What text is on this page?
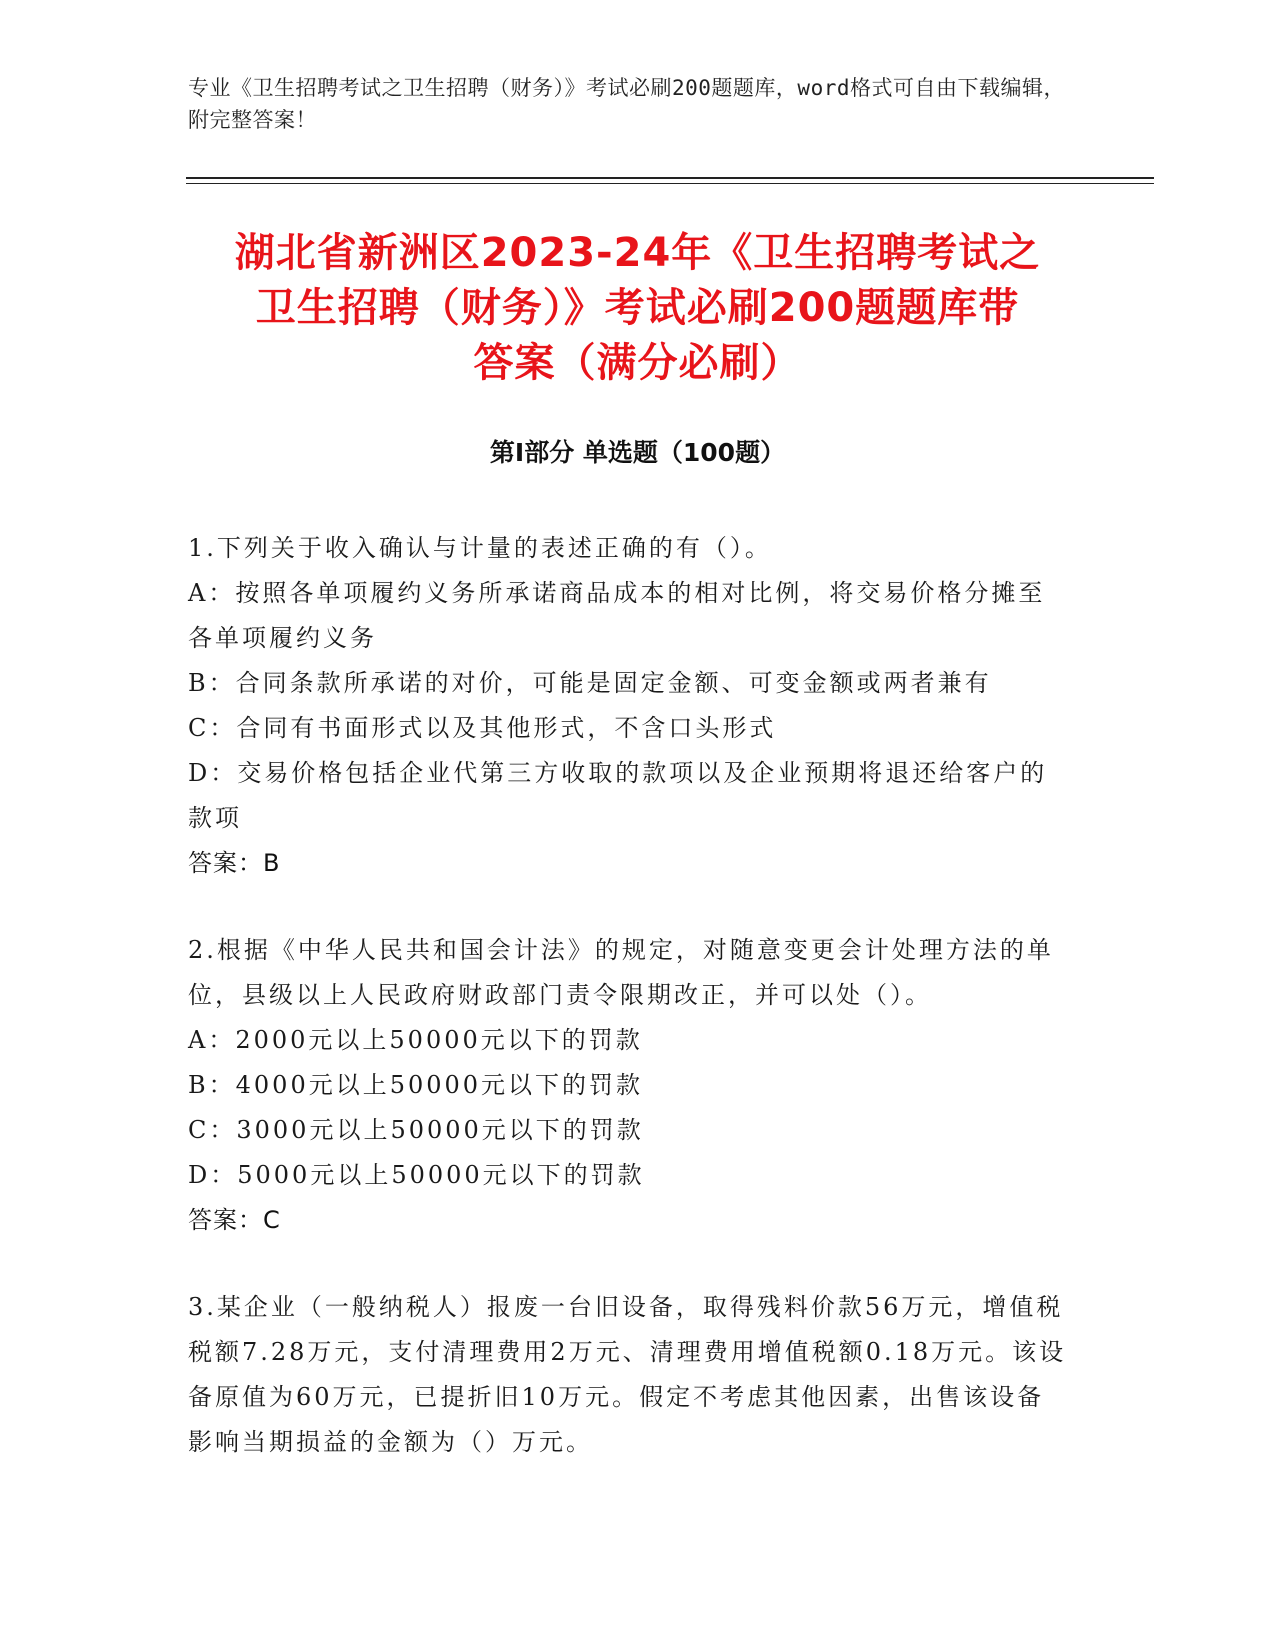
专业《卫生招聘考试之卫生招聘（财务）》考试必刷200题题库，word格式可自由下载编辑，附完整答案！
湖北省新洲区2023-24年《卫生招聘考试之
卫生招聘（财务）》考试必刷200题题库带
答案（满分必刷）
第I部分 单选题（100题）
1.下列关于收入确认与计量的表述正确的有（）。
A：按照各单项履约义务所承诺商品成本的相对比例，将交易价格分摊至各单项履约义务
B：合同条款所承诺的对价，可能是固定金额、可变金额或两者兼有
C：合同有书面形式以及其他形式，不含口头形式
D：交易价格包括企业代第三方收取的款项以及企业预期将退还给客户的款项
答案：B
2.根据《中华人民共和国会计法》的规定，对随意变更会计处理方法的单位，县级以上人民政府财政部门责令限期改正，并可以处（）。
A：2000元以上50000元以下的罚款
B：4000元以上50000元以下的罚款
C：3000元以上50000元以下的罚款
D：5000元以上50000元以下的罚款
答案：C
3.某企业（一般纳税人）报废一台旧设备，取得残料价款56万元，增值税税额7.28万元，支付清理费用2万元、清理费用增值税额0.18万元。该设备原值为60万元，已提折旧10万元。假定不考虑其他因素，出售该设备影响当期损益的金额为（）万元。
